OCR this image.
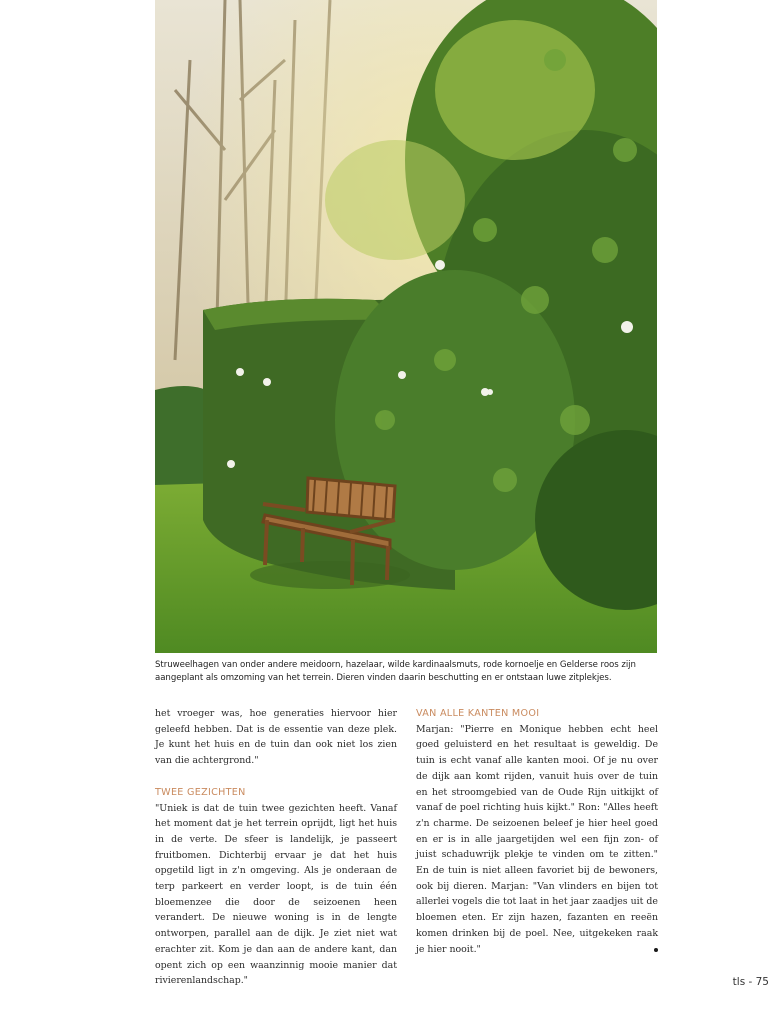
Struweelhagen van onder andere meidoorn, hazelaar, wilde kardinaalsmuts, rode kornoelje en Gelderse roos zijn aangeplant als omzoming van het terrein. Dieren vinden daarin beschutting en er ontstaan luwe zitplekjes.

het vroeger was, hoe generaties hiervoor hier geleefd hebben. Dat is de essentie van deze plek. Je kunt het huis en de tuin dan ook niet los zien van die achtergrond."

TWEE GEZICHTEN

"Uniek is dat de tuin twee gezichten heeft. Vanaf het moment dat je het terrein oprijdt, ligt het huis in de verte. De sfeer is landelijk, je passeert fruitbomen. Dichterbij ervaar je dat het huis opgetild ligt in z'n omgeving. Als je onderaan de terp parkeert en verder loopt, is de tuin één bloemenzee die door de seizoenen heen verandert. De nieuwe woning is in de lengte ontworpen, parallel aan de dijk. Je ziet niet wat erachter zit. Kom je dan aan de andere kant, dan opent zich op een waanzinnig mooie manier dat rivierenlandschap."

VAN ALLE KANTEN MOOI

Marjan: "Pierre en Monique hebben echt heel goed geluisterd en het resultaat is geweldig. De tuin is echt vanaf alle kanten mooi. Of je nu over de dijk aan komt rijden, vanuit huis over de tuin en het stroomgebied van de Oude Rijn uitkijkt of vanaf de poel richting huis kijkt." Ron: "Alles heeft z'n charme. De seizoenen beleef je hier heel goed en er is in alle jaargetijden wel een fijn zon- of juist schaduwrijk plekje te vinden om te zitten." En de tuin is niet alleen favoriet bij de bewoners, ook bij dieren. Marjan: "Van vlinders en bijen tot allerlei vogels die tot laat in het jaar zaadjes uit de bloemen eten. Er zijn hazen, fazanten en reeën komen drinken bij de poel. Nee, uitgekeken raak je hier nooit."

tls - 75
